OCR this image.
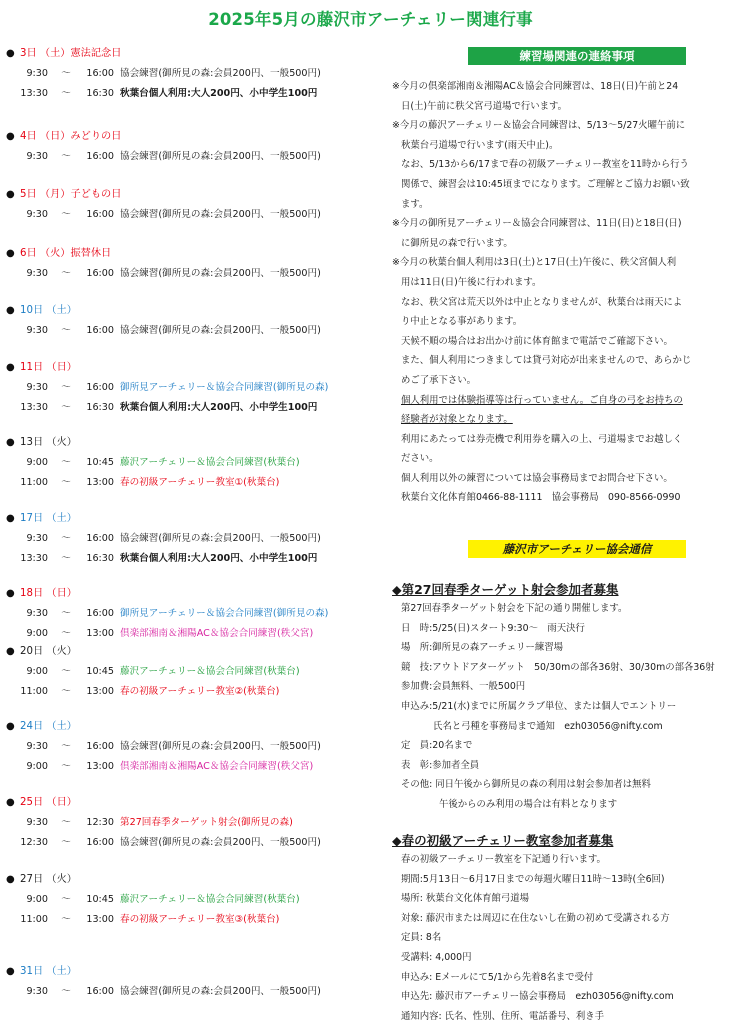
2025年5月の藤沢市アーチェリー関連行事
● 3日 （土）憲法記念日
9:30 ～ 16:00 協会練習(御所見の森:会員200円、一般500円)
13:30 ～ 16:30 秋葉台個人利用:大人200円、小中学生100円
● 4日 （日）みどりの日
9:30 ～ 16:00 協会練習(御所見の森:会員200円、一般500円)
● 5日 （月）子どもの日
9:30 ～ 16:00 協会練習(御所見の森:会員200円、一般500円)
● 6日 （火）振替休日
9:30 ～ 16:00 協会練習(御所見の森:会員200円、一般500円)
● 10日 （土）
9:30 ～ 16:00 協会練習(御所見の森:会員200円、一般500円)
● 11日 （日）
9:30 ～ 16:00 御所見アーチェリー＆協会合同練習(御所見の森)
13:30 ～ 16:30 秋葉台個人利用:大人200円、小中学生100円
● 13日 （火）
9:00 ～ 10:45 藤沢アーチェリー＆協会合同練習(秋葉台)
11:00 ～ 13:00 春の初級アーチェリー教室①(秋葉台)
● 17日 （土）
9:30 ～ 16:00 協会練習(御所見の森:会員200円、一般500円)
13:30 ～ 16:30 秋葉台個人利用:大人200円、小中学生100円
● 18日 （日）
9:30 ～ 16:00 御所見アーチェリー＆協会合同練習(御所見の森)
9:00 ～ 13:00 倶楽部湘南＆湘陽AC＆協会合同練習(秩父宮)
● 20日 （火）
9:00 ～ 10:45 藤沢アーチェリー＆協会合同練習(秋葉台)
11:00 ～ 13:00 春の初級アーチェリー教室②(秋葉台)
● 24日 （土）
9:30 ～ 16:00 協会練習(御所見の森:会員200円、一般500円)
9:00 ～ 13:00 倶楽部湘南＆湘陽AC＆協会合同練習(秩父宮)
● 25日 （日）
9:30 ～ 12:30 第27回春季ターゲット射会(御所見の森)
12:30 ～ 16:00 協会練習(御所見の森:会員200円、一般500円)
● 27日 （火）
9:00 ～ 10:45 藤沢アーチェリー＆協会合同練習(秋葉台)
11:00 ～ 13:00 春の初級アーチェリー教室③(秋葉台)
● 31日 （土）
9:30 ～ 16:00 協会練習(御所見の森:会員200円、一般500円)
練習場関連の連絡事項
※今月の倶楽部湘南＆湘陽AC＆協会合同練習は、18日(日)午前と24
日(土)午前に秩父宮弓道場で行います。
※今月の藤沢アーチェリー＆協会合同練習は、5/13～5/27火曜午前に
秋葉台弓道場で行います(雨天中止)。
なお、5/13から6/17まで春の初級アーチェリー教室を11時から行う
関係で、練習会は10:45頃までになります。ご理解とご協力お願い致
ます。
※今月の御所見アーチェリー＆協会合同練習は、11日(日)と18日(日)
に御所見の森で行います。
※今月の秋葉台個人利用は3日(土)と17日(土)午後に、秩父宮個人利
用は11日(日)午後に行われます。
なお、秩父宮は荒天以外は中止となりませんが、秋葉台は雨天によ
り中止となる事があります。
天候不順の場合はお出かけ前に体育館まで電話でご確認下さい。
また、個人利用につきましては貸弓対応が出来ませんので、あらかじ
めご了承下さい。
個人利用では体験指導等は行っていません。ご自身の弓をお持ちの
経験者が対象となります。
利用にあたっては券売機で利用券を購入の上、弓道場までお越しく
ださい。
個人利用以外の練習については協会事務局までお問合せ下さい。
秋葉台文化体育館0466-88-1111　協会事務局　090-8566-0990
藤沢市アーチェリー協会通信
◆第27回春季ターゲット射会参加者募集
第27回春季ターゲット射会を下記の通り開催します。
日　時:5/25(日)スタート9:30～　雨天決行
場　所:御所見の森アーチェリー練習場
競　技:アウトドアターゲット　50/30mの部各36射、30/30mの部各36射
参加費:会員無料、一般500円
申込み:5/21(水)までに所属クラブ単位、または個人でエントリー
氏名と弓種を事務局まで通知　ezh03056@nifty.com
定　員:20名まで
表　彰:参加者全員
その他: 同日午後から御所見の森の利用は射会参加者は無料
午後からのみ利用の場合は有料となります
◆春の初級アーチェリー教室参加者募集
春の初級アーチェリー教室を下記通り行います。
期間:5月13日～6月17日までの毎週火曜日11時～13時(全6回)
場所: 秋葉台文化体育館弓道場
対象: 藤沢市または周辺に在住ないし在勤の初めて受講される方
定員: 8名
受講料: 4,000円
申込み: Eメールにて5/1から先着8名まで受付
申込先: 藤沢市アーチェリー協会事務局　ezh03056@nifty.com
通知内容: 氏名、性別、住所、電話番号、利き手
